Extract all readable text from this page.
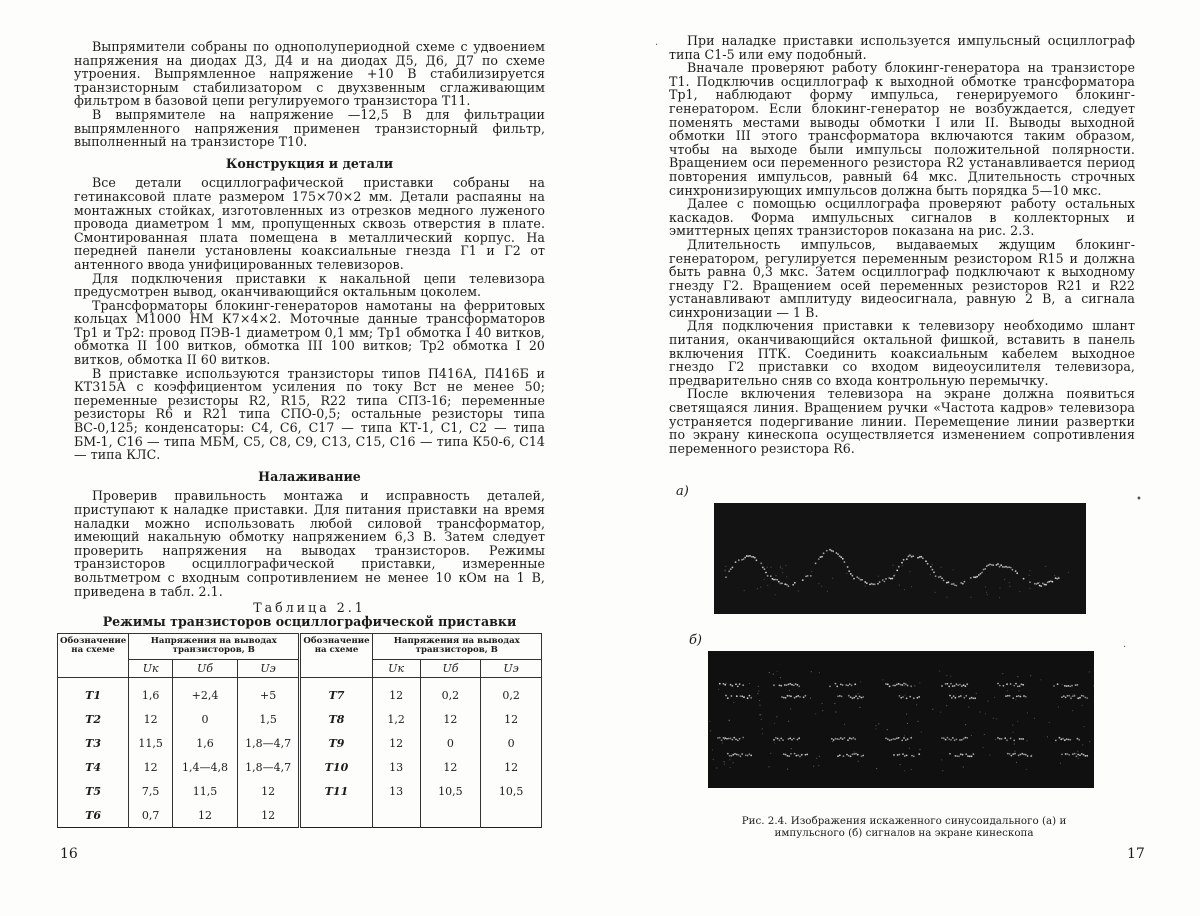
Выпрямители собраны по однополупериодной схеме с удвоением напряжения на диодах Д3, Д4 и на диодах Д5, Д6, Д7 по схеме утроения. Выпрямленное напряжение +10 В стабилизируется транзисторным стабилизатором с двухзвенным сглаживающим фильтром в базовой цепи регулируемого транзистора Т11.

В выпрямителе на напряжение —12,5 В для фильтрации выпрямленного напряжения применен транзисторный фильтр, выполненный на транзисторе Т10.

Конструкция и детали

Все детали осциллографической приставки собраны на гетинаксовой плате размером 175×70×2 мм. Детали распаяны на монтажных стойках, изготовленных из отрезков медного луженого провода диаметром 1 мм, пропущенных сквозь отверстия в плате. Смонтированная плата помещена в металлический корпус. На передней панели установлены коаксиальные гнезда Г1 и Г2 от антенного ввода унифицированных телевизоров.

Для подключения приставки к накальной цепи телевизора предусмотрен вывод, оканчивающийся октальным цоколем.

Трансформаторы блокинг-генераторов намотаны на ферритовых кольцах М1000 НМ К7×4×2. Моточные данные трансформаторов Тр1 и Тр2: провод ПЭВ-1 диаметром 0,1 мм; Тр1 обмотка I 40 витков, обмотка II 100 витков, обмотка III 100 витков; Тр2 обмотка I 20 витков, обмотка II 60 витков.

В приставке используются транзисторы типов П416А, П416Б и КТ315А с коэффициентом усиления по току Вст не менее 50; переменные резисторы R2, R15, R22 типа СПЗ-16; переменные резисторы R6 и R21 типа СПО-0,5; остальные резисторы типа ВС-0,125; конденсаторы: С4, С6, С17 — типа КТ-1, С1, С2 — типа БМ-1, С16 — типа МБМ, С5, С8, С9, С13, С15, С16 — типа К50-6, С14 — типа КЛС.

Налаживание

Проверив правильность монтажа и исправность деталей, приступают к наладке приставки. Для питания приставки на время наладки можно использовать любой силовой трансформатор, имеющий накальную обмотку напряжением 6,3 В. Затем следует проверить напряжения на выводах транзисторов. Режимы транзисторов осциллографической приставки, измеренные вольтметром с входным сопротивлением не менее 10 кОм на 1 В, приведена в табл. 2.1.

Таблица 2.1
Режимы транзисторов осциллографической приставки
Обозначение на схеме	Напряжения на выводах транзисторов, В			Обозначение на схеме	Напряжения на выводах транзисторов, В		
	Uк	Uб	Uэ		Uк	Uб	Uэ
Т1	1,6	+2,4	+5	Т7	12	0,2	0,2
Т2	12	0	1,5	Т8	1,2	12	12
Т3	11,5	1,6	1,8—4,7	Т9	12	0	0
Т4	12	1,4—4,8	1,8—4,7	Т10	13	12	12
Т5	7,5	11,5	12	Т11	13	10,5	10,5
Т6	0,7	12	12				
16

При наладке приставки используется импульсный осциллограф типа С1-5 или ему подобный.

Вначале проверяют работу блокинг-генератора на транзисторе Т1. Подключив осциллограф к выходной обмотке трансформатора Тр1, наблюдают форму импульса, генерируемого блокинг-генератором. Если блокинг-генератор не возбуждается, следует поменять местами выводы обмотки I или II. Выводы выходной обмотки III этого трансформатора включаются таким образом, чтобы на выходе были импульсы положительной полярности. Вращением оси переменного резистора R2 устанавливается период повторения импульсов, равный 64 мкс. Длительность строчных синхронизирующих импульсов должна быть порядка 5—10 мкс.

Далее с помощью осциллографа проверяют работу остальных каскадов. Форма импульсных сигналов в коллекторных и эмиттерных цепях транзисторов показана на рис. 2.3.

Длительность импульсов, выдаваемых ждущим блокинг-генератором, регулируется переменным резистором R15 и должна быть равна 0,3 мкс. Затем осциллограф подключают к выходному гнезду Г2. Вращением осей переменных резисторов R21 и R22 устанавливают амплитуду видеосигнала, равную 2 В, а сигнала синхронизации — 1 В.

Для подключения приставки к телевизору необходимо шлант питания, оканчивающийся октальной фишкой, вставить в панель включения ПТК. Соединить коаксиальным кабелем выходное гнездо Г2 приставки со входом видеоусилителя телевизора, предварительно сняв со входа контрольную перемычку.

После включения телевизора на экране должна появиться светящаяся линия. Вращением ручки «Частота кадров» телевизора устраняется подергивание линии. Перемещение линии развертки по экрану кинескопа осуществляется изменением сопротивления переменного резистора R6.

а)
б)
Рис. 2.4. Изображения искаженного синусоидального (а) и импульсного (б) сигналов на экране кинескопа
17
·
•
·
